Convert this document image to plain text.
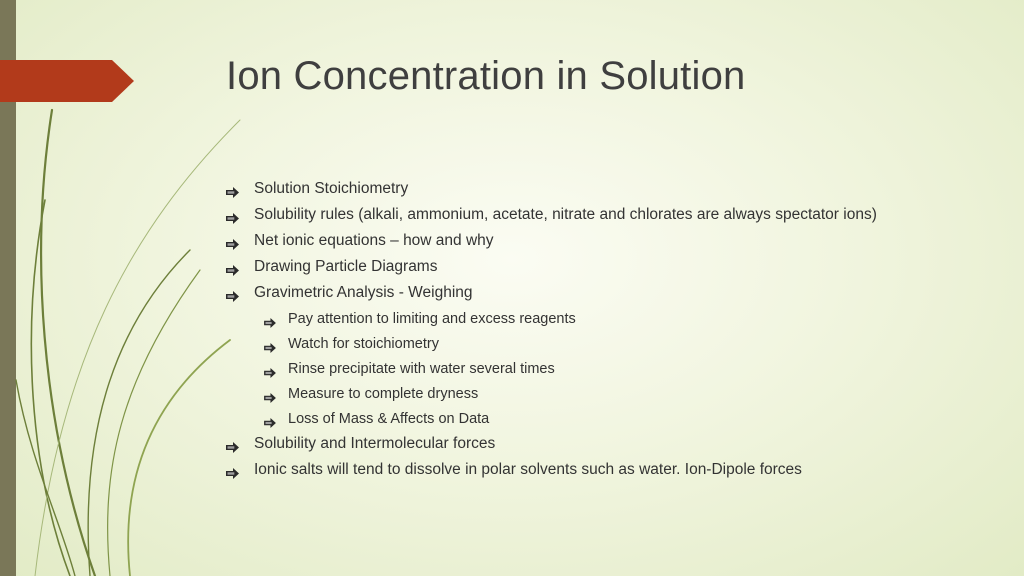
Ion Concentration in Solution
Solution Stoichiometry
Solubility rules (alkali, ammonium, acetate, nitrate and chlorates are always spectator ions)
Net ionic equations – how and why
Drawing Particle Diagrams
Gravimetric Analysis - Weighing
Pay attention to limiting and excess reagents
Watch for stoichiometry
Rinse precipitate with water several times
Measure to complete dryness
Loss of Mass & Affects on Data
Solubility and Intermolecular forces
Ionic salts will tend to dissolve in polar solvents such as water. Ion-Dipole forces
